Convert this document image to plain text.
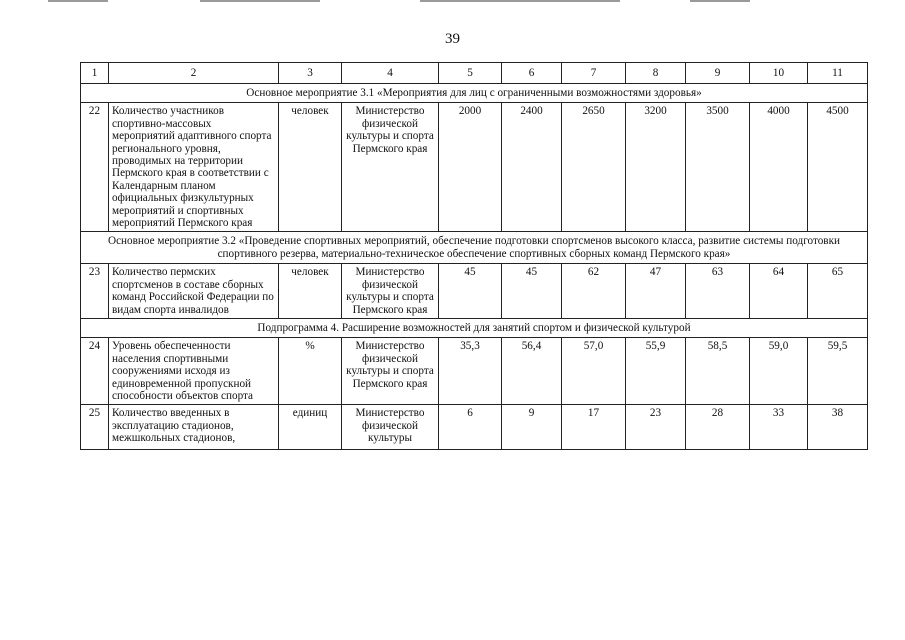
39
1	2	3	4	5	6	7	8	9	10	11
Основное мероприятие 3.1 «Мероприятия для лиц с ограниченными возможностями здоровья»										
22	Количество участников спортивно-массовых мероприятий адаптивного спорта регионального уровня, проводимых на территории Пермского края в соответствии с Календарным планом официальных физкультурных мероприятий и спортивных мероприятий Пермского края	человек	Министерство физической культуры и спорта Пермского края	2000	2400	2650	3200	3500	4000	4500
Основное мероприятие 3.2 «Проведение спортивных мероприятий, обеспечение подготовки спортсменов высокого класса, развитие системы подготовки спортивного резерва, материально-техническое обеспечение спортивных сборных команд Пермского края»										
23	Количество пермских спортсменов в составе сборных команд Российской Федерации по видам спорта инвалидов	человек	Министерство физической культуры и спорта Пермского края	45	45	62	47	63	64	65
Подпрограмма 4. Расширение возможностей для занятий спортом и физической культурой										
24	Уровень обеспеченности населения спортивными сооружениями исходя из единовременной пропускной способности объектов спорта	%	Министерство физической культуры и спорта Пермского края	35,3	56,4	57,0	55,9	58,5	59,0	59,5
25	Количество введенных в эксплуатацию стадионов, межшкольных стадионов,	единиц	Министерство физической культуры	6	9	17	23	28	33	38
